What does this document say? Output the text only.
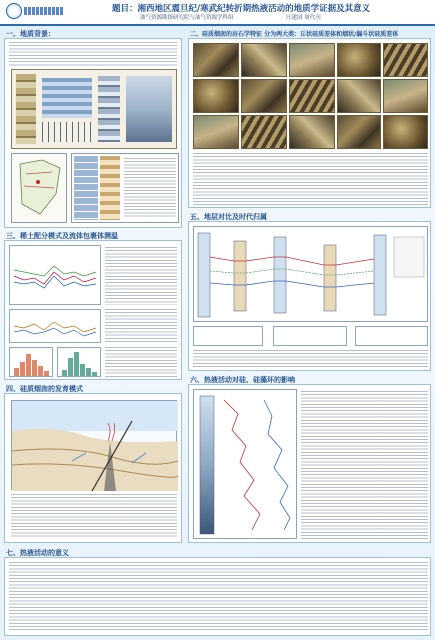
题目：湘西地区震旦纪/寒武纪转折期热液活动的地质学证据及其意义
油气资源勘探研究院与油气资源学科组	汪建国 周代刊
一、地质背景：
三、稀土配分模式及流体包裹体测温
四、硅质烟囱的发育模式
二、硅质烟囱的岩石学特征 分为两大类：丘状硅质差体和烟状/漏斗状硅质差体
五、地层对比及时代归属
六、热液活动对硅、硅藻环的影响
七、热液活动的意义
